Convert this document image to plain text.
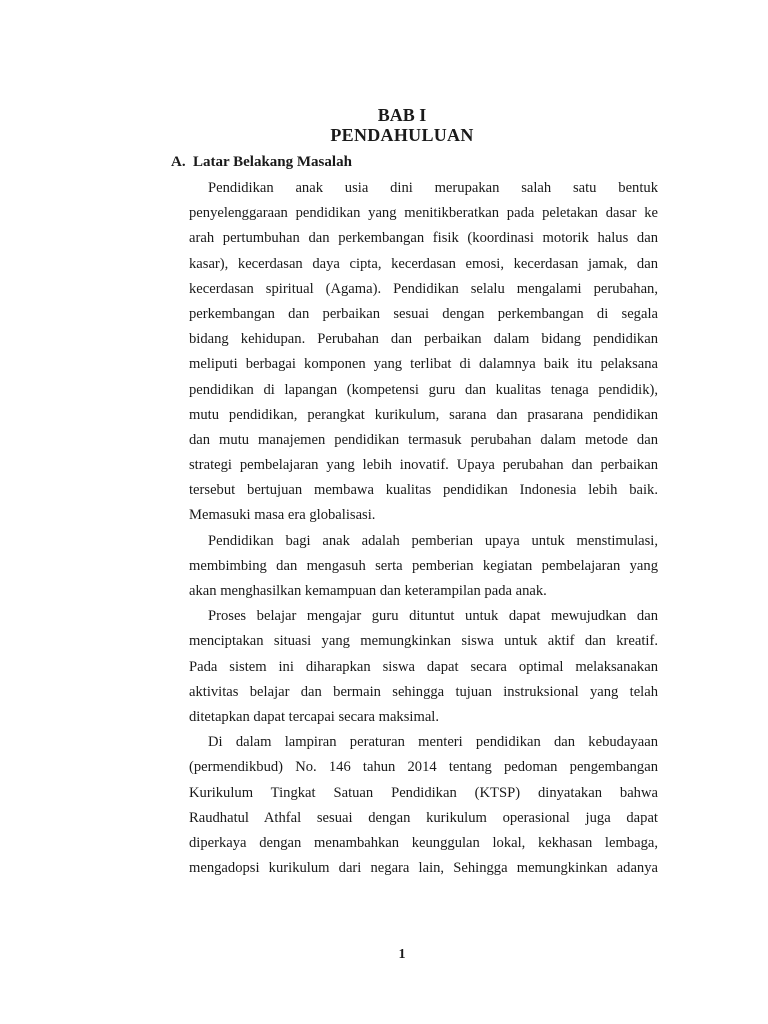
BAB I
PENDAHULUAN
A. Latar Belakang Masalah
Pendidikan anak usia dini merupakan salah satu bentuk
penyelenggaraan pendidikan yang menitikberatkan pada peletakan dasar ke
arah pertumbuhan dan perkembangan fisik (koordinasi motorik halus dan
kasar), kecerdasan daya cipta, kecerdasan emosi, kecerdasan jamak, dan
kecerdasan spiritual (Agama). Pendidikan selalu mengalami perubahan,
perkembangan dan perbaikan sesuai dengan perkembangan di segala
bidang kehidupan. Perubahan dan perbaikan dalam bidang pendidikan
meliputi berbagai komponen yang terlibat di dalamnya baik itu pelaksana
pendidikan di lapangan (kompetensi guru dan kualitas tenaga pendidik),
mutu pendidikan, perangkat kurikulum, sarana dan prasarana pendidikan
dan mutu manajemen pendidikan termasuk perubahan dalam metode dan
strategi pembelajaran yang lebih inovatif. Upaya perubahan dan perbaikan
tersebut bertujuan membawa kualitas pendidikan Indonesia lebih baik.
Memasuki masa era globalisasi.
Pendidikan bagi anak adalah pemberian upaya untuk menstimulasi,
membimbing dan mengasuh serta pemberian kegiatan pembelajaran yang
akan menghasilkan kemampuan dan keterampilan pada anak.
Proses belajar mengajar guru dituntut untuk dapat mewujudkan dan
menciptakan situasi yang memungkinkan siswa untuk aktif dan kreatif.
Pada sistem ini diharapkan siswa dapat secara optimal melaksanakan
aktivitas belajar dan bermain sehingga tujuan instruksional yang telah
ditetapkan dapat tercapai secara maksimal.
Di dalam lampiran peraturan menteri pendidikan dan kebudayaan
(permendikbud) No. 146 tahun 2014 tentang pedoman pengembangan
Kurikulum Tingkat Satuan Pendidikan (KTSP) dinyatakan bahwa
Raudhatul Athfal sesuai dengan kurikulum operasional juga dapat
diperkaya dengan menambahkan keunggulan lokal, kekhasan lembaga,
mengadopsi kurikulum dari negara lain, Sehingga memungkinkan adanya
1
